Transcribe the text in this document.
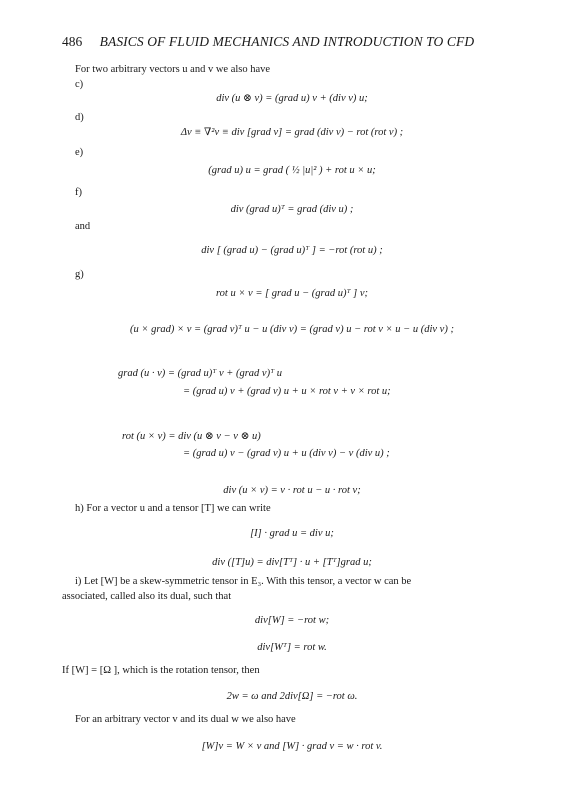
486 BASICS OF FLUID MECHANICS AND INTRODUCTION TO CFD
For two arbitrary vectors u and v we also have
c)
div (u ⊗ v) = (grad u) v + (div v) u;
d)
Δv ≡ ∇²v ≡ div [grad v] = grad (div v) − rot (rot v) ;
e)
(grad u) u = grad ( ½ |u|² ) + rot u × u;
f)
div (grad u)ᵀ = grad (div u) ;
and
div [ (grad u) − (grad u)ᵀ ] = −rot (rot u) ;
g)
rot u × v = [ grad u − (grad u)ᵀ ] v;
(u × grad) × v = (grad v)ᵀ u − u (div v) = (grad v) u − rot v × u − u (div v) ;
grad (u · v) = (grad u)ᵀ v + (grad v)ᵀ u
= (grad u) v + (grad v) u + u × rot v + v × rot u;
rot (u × v) = div (u ⊗ v − v ⊗ u)
= (grad u) v − (grad v) u + u (div v) − v (div u) ;
div (u × v) = v · rot u − u · rot v;
h) For a vector u and a tensor [T] we can write
[I] · grad u = div u;
div ([T]u) = div[Tᵀ] · u + [Tᵀ]grad u;
i) Let [W] be a skew-symmetric tensor in E₃. With this tensor, a vector w can be
associated, called also its dual, such that
div[W] = −rot w;
div[Wᵀ] = rot w.
If [W] = [Ω ], which is the rotation tensor, then
2w = ω and 2div[Ω] = −rot ω.
For an arbitrary vector v and its dual w we also have
[W]v = W × v and [W] · grad v = w · rot v.
